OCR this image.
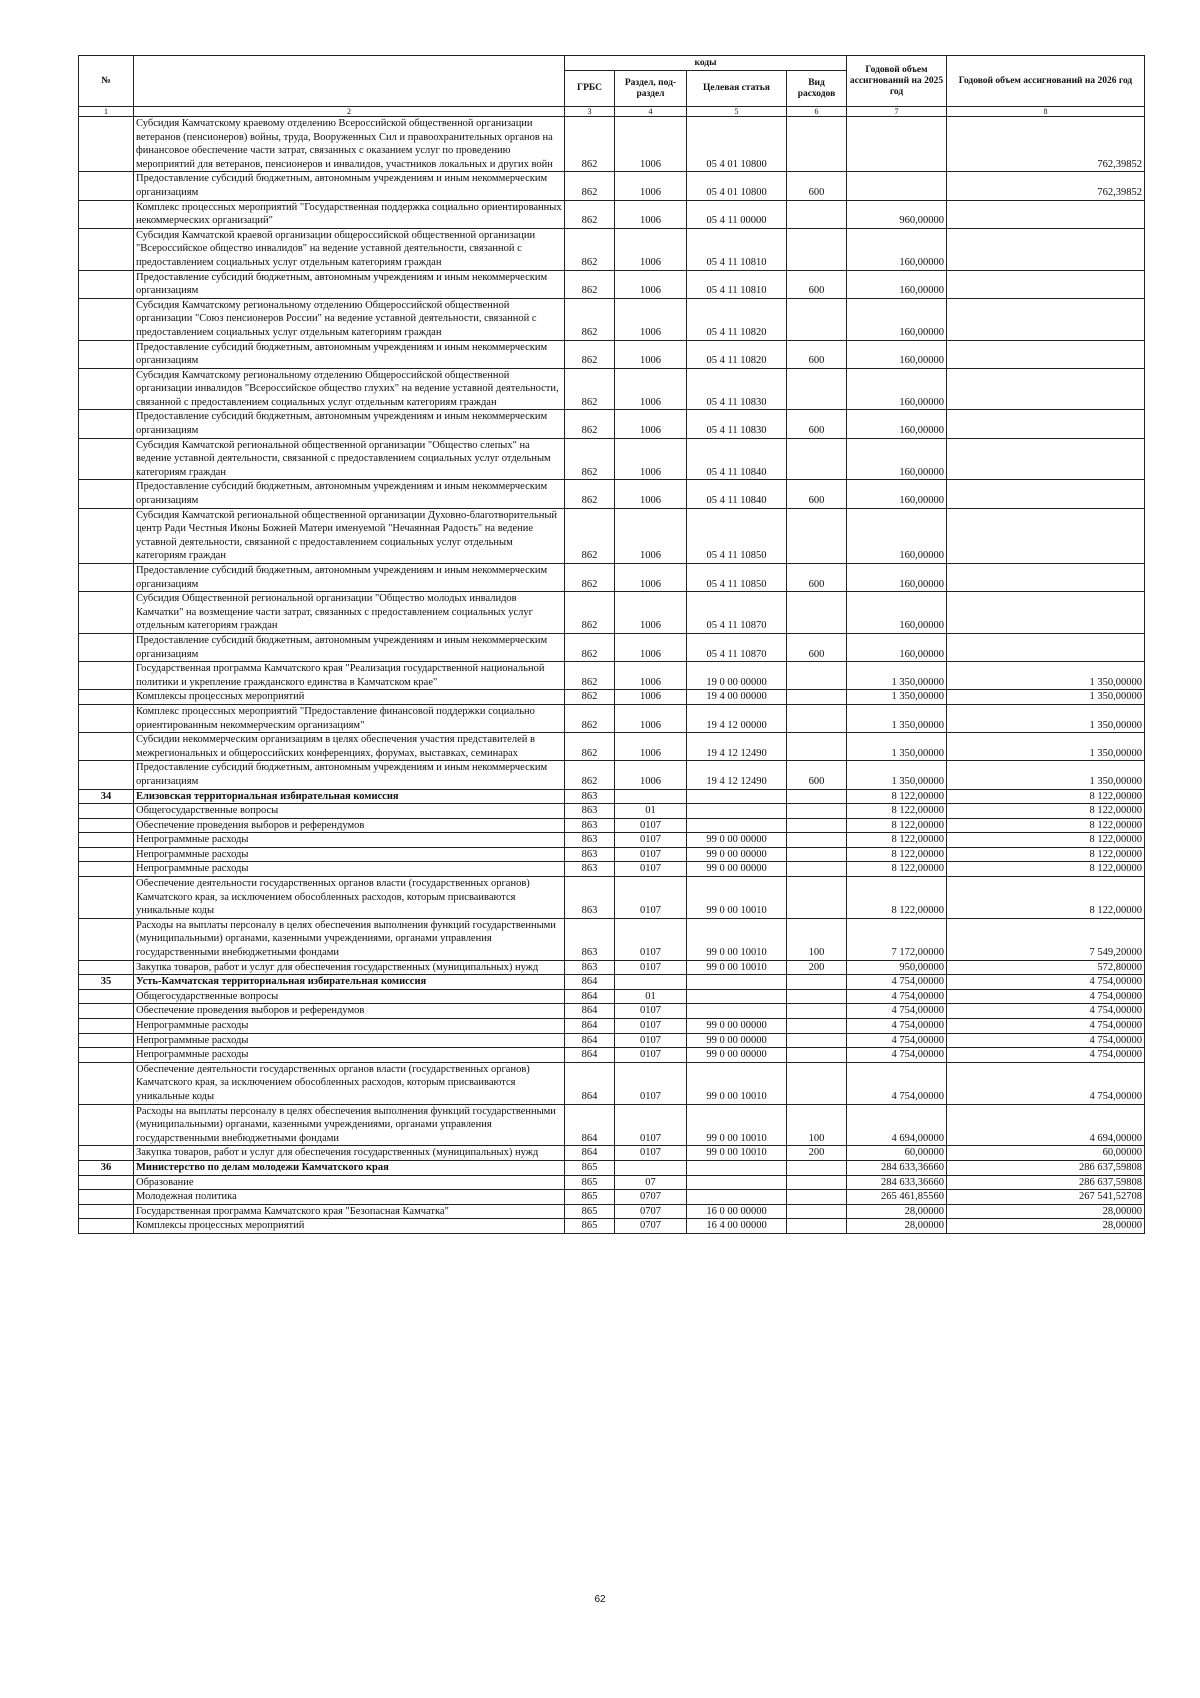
№		коды				Годовой объем ассигнований на 2025 год	Годовой объем ассигнований на 2026 год
		ГРБС	Раздел, под-раздел	Целевая статья	Вид расходов		
1	2	3	4	5	6	7	8
	Субсидия Камчатскому краевому отделению Всероссийской общественной организации ветеранов (пенсионеров) войны, труда, Вооруженных Сил и правоохранительных органов на финансовое обеспечение части затрат, связанных с оказанием услуг по проведению мероприятий для ветеранов, пенсионеров и инвалидов, участников локальных и других войн	862	1006	05 4 01 10800			762,39852
	Предоставление субсидий бюджетным, автономным учреждениям и иным некоммерческим организациям	862	1006	05 4 01 10800	600		762,39852
	Комплекс процессных мероприятий "Государственная поддержка социально ориентированных некоммерческих организаций"	862	1006	05 4 11 00000		960,00000	
	Субсидия Камчатской краевой организации общероссийской общественной организации "Всероссийское общество инвалидов" на ведение уставной деятельности, связанной с предоставлением социальных услуг отдельным категориям граждан	862	1006	05 4 11 10810		160,00000	
	Предоставление субсидий бюджетным, автономным учреждениям и иным некоммерческим организациям	862	1006	05 4 11 10810	600	160,00000	
	Субсидия Камчатскому региональному отделению Общероссийской общественной организации "Союз пенсионеров России" на ведение уставной деятельности, связанной с предоставлением социальных услуг отдельным категориям граждан	862	1006	05 4 11 10820		160,00000	
	Предоставление субсидий бюджетным, автономным учреждениям и иным некоммерческим организациям	862	1006	05 4 11 10820	600	160,00000	
	Субсидия Камчатскому региональному отделению Общероссийской общественной организации инвалидов "Всероссийское общество глухих" на ведение уставной деятельности, связанной с предоставлением социальных услуг отдельным категориям граждан	862	1006	05 4 11 10830		160,00000	
	Предоставление субсидий бюджетным, автономным учреждениям и иным некоммерческим организациям	862	1006	05 4 11 10830	600	160,00000	
	Субсидия Камчатской региональной общественной организации "Общество слепых" на ведение уставной деятельности, связанной с предоставлением социальных услуг отдельным категориям граждан	862	1006	05 4 11 10840		160,00000	
	Предоставление субсидий бюджетным, автономным учреждениям и иным некоммерческим организациям	862	1006	05 4 11 10840	600	160,00000	
	Субсидия Камчатской региональной общественной организации Духовно-благотворительный центр Ради Честныя Иконы Божией Матери именуемой "Нечаянная Радость" на ведение уставной деятельности, связанной с предоставлением социальных услуг отдельным категориям граждан	862	1006	05 4 11 10850		160,00000	
	Предоставление субсидий бюджетным, автономным учреждениям и иным некоммерческим организациям	862	1006	05 4 11 10850	600	160,00000	
	Субсидия Общественной региональной организации "Общество молодых инвалидов Камчатки" на возмещение части затрат, связанных с предоставлением социальных услуг отдельным категориям граждан	862	1006	05 4 11 10870		160,00000	
	Предоставление субсидий бюджетным, автономным учреждениям и иным некоммерческим организациям	862	1006	05 4 11 10870	600	160,00000	
	Государственная программа Камчатского края "Реализация государственной национальной политики и укрепление гражданского единства в Камчатском крае"	862	1006	19 0 00 00000		1 350,00000	1 350,00000
	Комплексы процессных мероприятий	862	1006	19 4 00 00000		1 350,00000	1 350,00000
	Комплекс процессных мероприятий "Предоставление финансовой поддержки социально ориентированным некоммерческим организациям"	862	1006	19 4 12 00000		1 350,00000	1 350,00000
	Субсидии некоммерческим организациям в целях обеспечения участия представителей в межрегиональных и общероссийских конференциях, форумах, выставках, семинарах	862	1006	19 4 12 12490		1 350,00000	1 350,00000
	Предоставление субсидий бюджетным, автономным учреждениям и иным некоммерческим организациям	862	1006	19 4 12 12490	600	1 350,00000	1 350,00000
34	Елизовская территориальная избирательная комиссия	863				8 122,00000	8 122,00000
	Общегосударственные вопросы	863	01			8 122,00000	8 122,00000
	Обеспечение проведения выборов и референдумов	863	0107			8 122,00000	8 122,00000
	Непрограммные расходы	863	0107	99 0 00 00000		8 122,00000	8 122,00000
	Непрограммные расходы	863	0107	99 0 00 00000		8 122,00000	8 122,00000
	Непрограммные расходы	863	0107	99 0 00 00000		8 122,00000	8 122,00000
	Обеспечение деятельности государственных органов власти (государственных органов) Камчатского края, за исключением обособленных расходов, которым присваиваются уникальные коды	863	0107	99 0 00 10010		8 122,00000	8 122,00000
	Расходы на выплаты персоналу в целях обеспечения выполнения функций государственными (муниципальными) органами, казенными учреждениями, органами управления государственными внебюджетными фондами	863	0107	99 0 00 10010	100	7 172,00000	7 549,20000
	Закупка товаров, работ и услуг для обеспечения государственных (муниципальных) нужд	863	0107	99 0 00 10010	200	950,00000	572,80000
35	Усть-Камчатская территориальная избирательная комиссия	864				4 754,00000	4 754,00000
	Общегосударственные вопросы	864	01			4 754,00000	4 754,00000
	Обеспечение проведения выборов и референдумов	864	0107			4 754,00000	4 754,00000
	Непрограммные расходы	864	0107	99 0 00 00000		4 754,00000	4 754,00000
	Непрограммные расходы	864	0107	99 0 00 00000		4 754,00000	4 754,00000
	Непрограммные расходы	864	0107	99 0 00 00000		4 754,00000	4 754,00000
	Обеспечение деятельности государственных органов власти (государственных органов) Камчатского края, за исключением обособленных расходов, которым присваиваются уникальные коды	864	0107	99 0 00 10010		4 754,00000	4 754,00000
	Расходы на выплаты персоналу в целях обеспечения выполнения функций государственными (муниципальными) органами, казенными учреждениями, органами управления государственными внебюджетными фондами	864	0107	99 0 00 10010	100	4 694,00000	4 694,00000
	Закупка товаров, работ и услуг для обеспечения государственных (муниципальных) нужд	864	0107	99 0 00 10010	200	60,00000	60,00000
36	Министерство по делам молодежи Камчатского края	865				284 633,36660	286 637,59808
	Образование	865	07			284 633,36660	286 637,59808
	Молодежная политика	865	0707			265 461,85560	267 541,52708
	Государственная программа Камчатского края "Безопасная Камчатка"	865	0707	16 0 00 00000		28,00000	28,00000
	Комплексы процессных мероприятий	865	0707	16 4 00 00000		28,00000	28,00000
62
